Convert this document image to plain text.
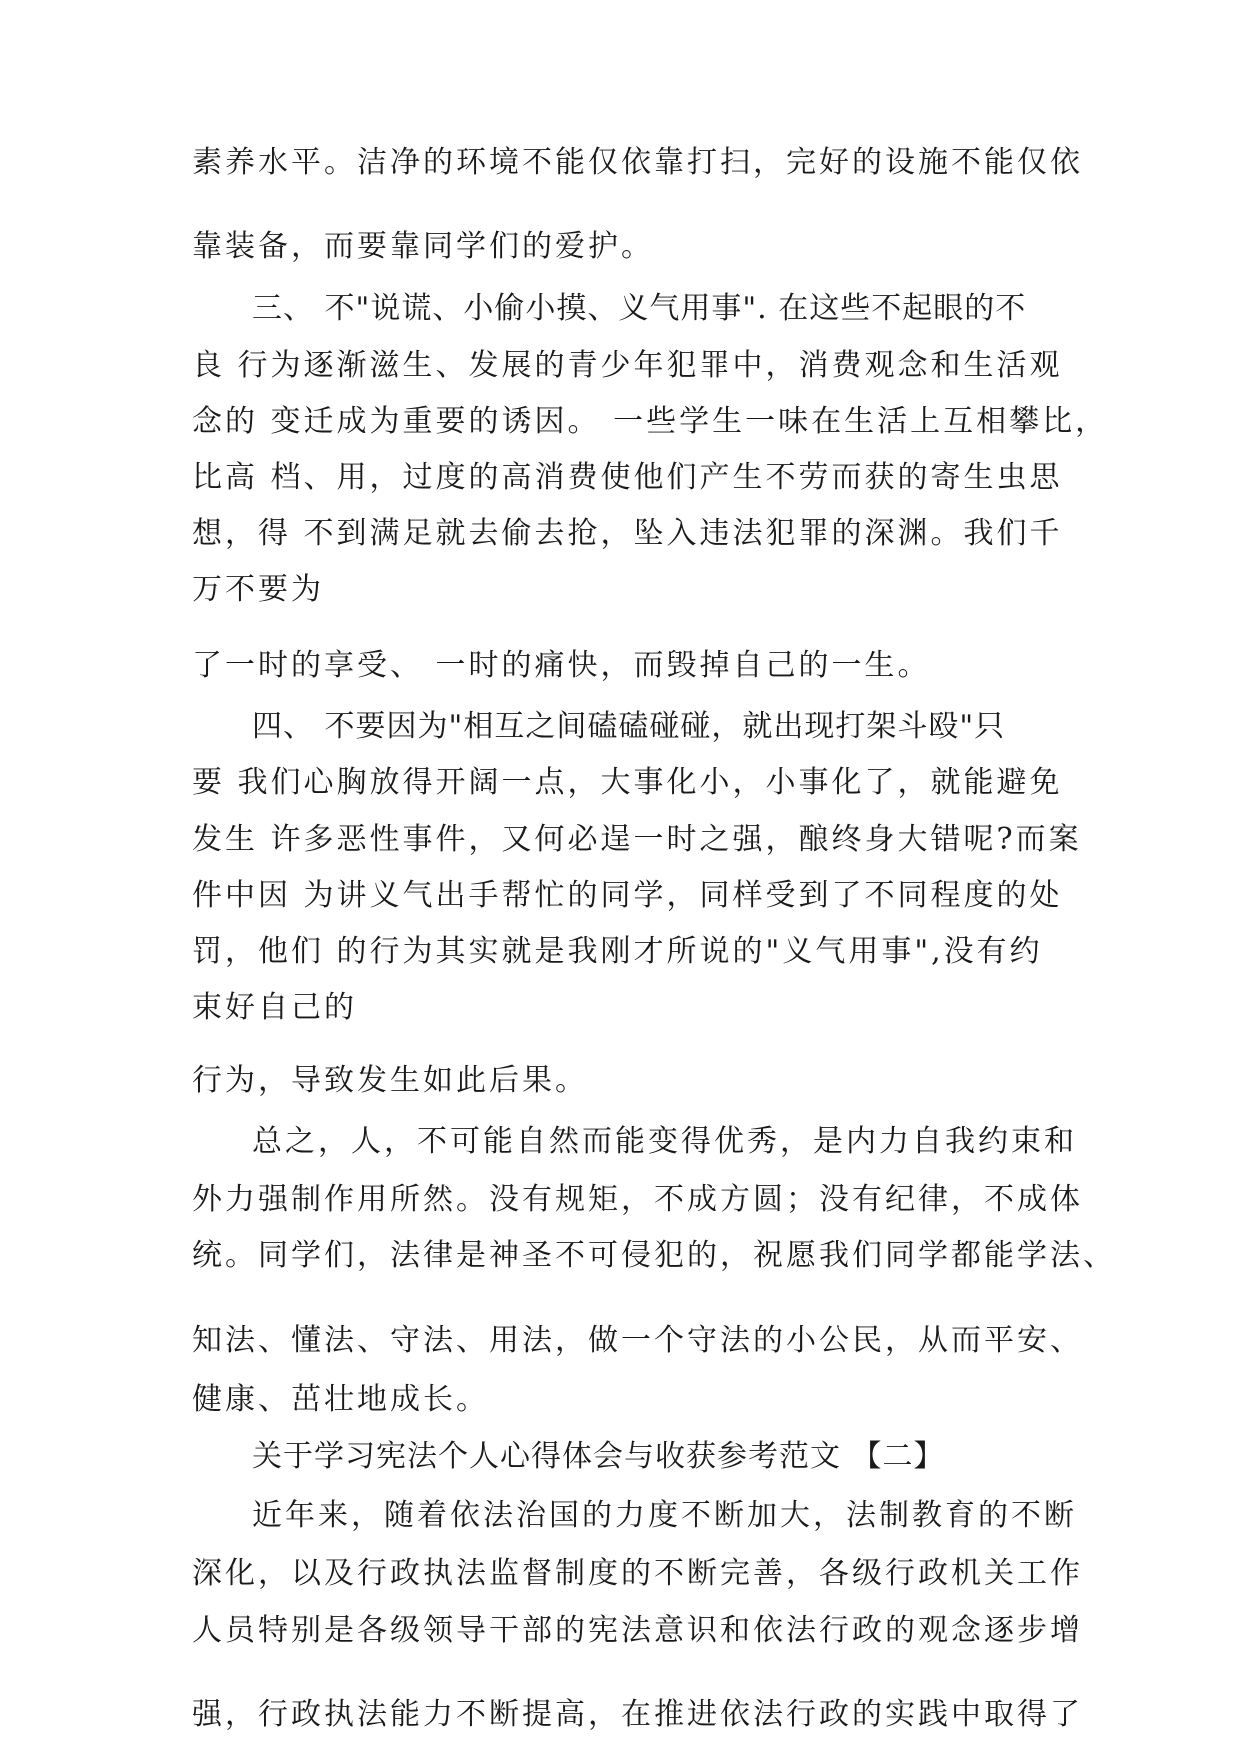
素养水平。洁净的环境不能仅依靠打扫，完好的设施不能仅依

靠装备，而要靠同学们的爱护。

三、 不"说谎、小偷小摸、义气用事". 在这些不起眼的不

良 行为逐渐滋生、发展的青少年犯罪中，消费观念和生活观

念的 变迁成为重要的诱因。 一些学生一味在生活上互相攀比，

比高 档、用，过度的高消费使他们产生不劳而获的寄生虫思

想，得 不到满足就去偷去抢，坠入违法犯罪的深渊。我们千

万不要为

了一时的享受、 一时的痛快，而毁掉自己的一生。

四、 不要因为"相互之间磕磕碰碰，就出现打架斗殴"只

要 我们心胸放得开阔一点，大事化小，小事化了，就能避免

发生 许多恶性事件，又何必逞一时之强，酿终身大错呢?而案

件中因 为讲义气出手帮忙的同学，同样受到了不同程度的处

罚，他们 的行为其实就是我刚才所说的"义气用事",没有约

束好自己的

行为，导致发生如此后果。

总之，人，不可能自然而能变得优秀，是内力自我约束和

外力强制作用所然。没有规矩，不成方圆；没有纪律，不成体

统。同学们，法律是神圣不可侵犯的，祝愿我们同学都能学法、

知法、懂法、守法、用法，做一个守法的小公民，从而平安、

健康、茁壮地成长。

关于学习宪法个人心得体会与收获参考范文 【二】

近年来，随着依法治国的力度不断加大，法制教育的不断

深化，以及行政执法监督制度的不断完善，各级行政机关工作

人员特别是各级领导干部的宪法意识和依法行政的观念逐步增

强，行政执法能力不断提高，在推进依法行政的实践中取得了
